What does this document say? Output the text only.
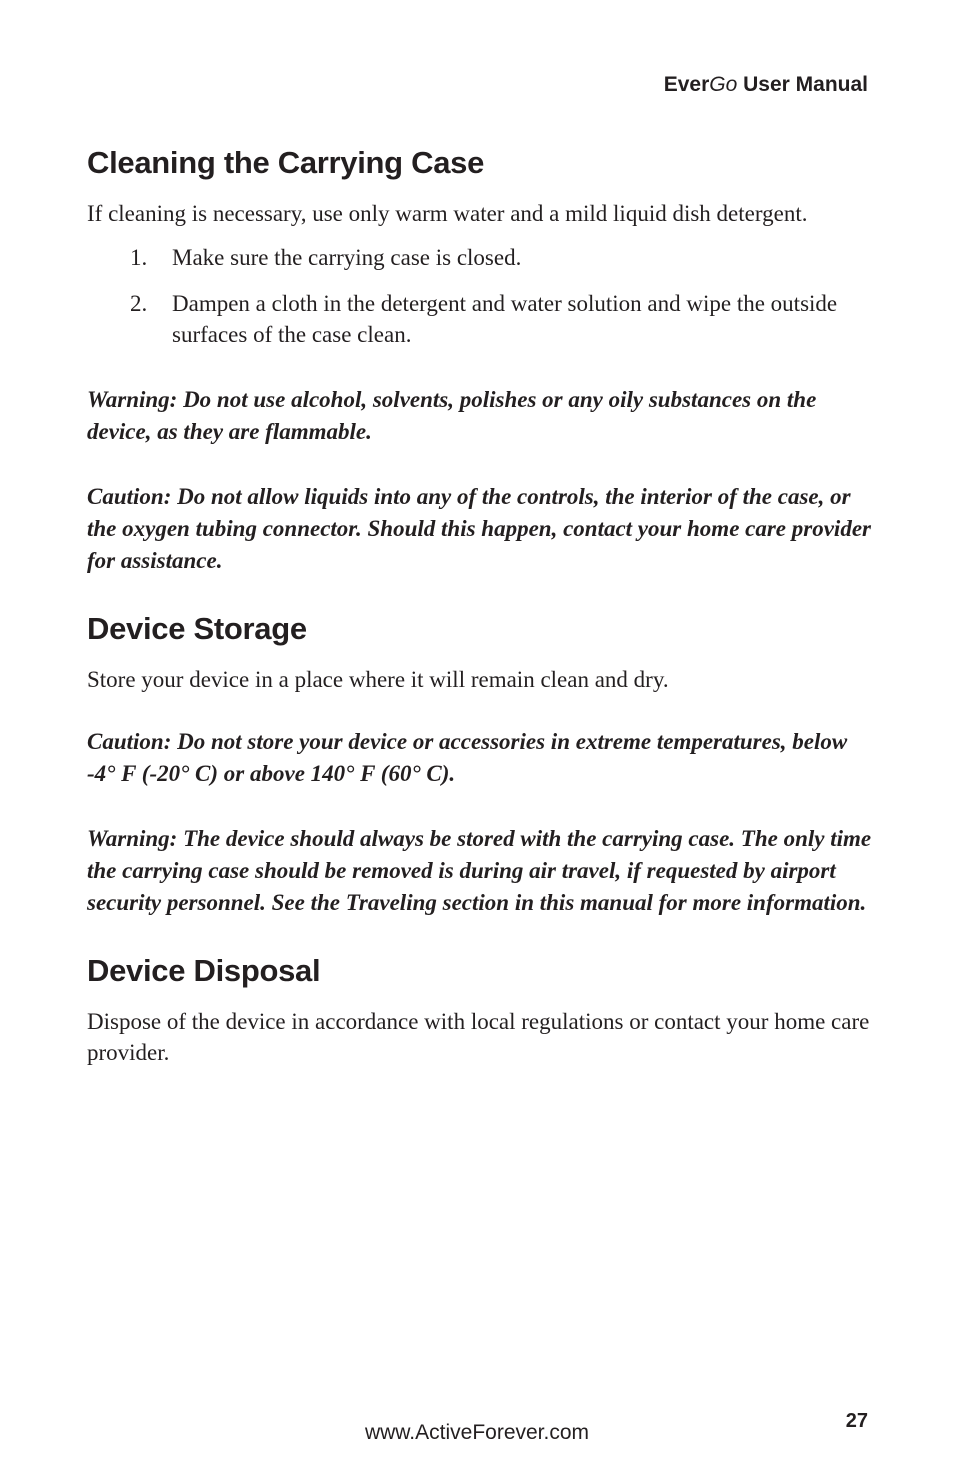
EverGo User Manual
Cleaning the Carrying Case

If cleaning is necessary, use only warm water and a mild liquid dish detergent.

1.	Make sure the carrying case is closed.
2.	Dampen a cloth in the detergent and water solution and wipe the outside surfaces of the case clean.

Warning: Do not use alcohol, solvents, polishes or any oily substances on the device, as they are flammable.

Caution: Do not allow liquids into any of the controls, the interior of the case, or the oxygen tubing connector. Should this happen, contact your home care provider for assistance.

Device Storage

Store your device in a place where it will remain clean and dry.

Caution: Do not store your device or accessories in extreme temperatures, below -4° F (-20° C) or above 140° F (60° C).

Warning: The device should always be stored with the carrying case. The only time the carrying case should be removed is during air travel, if requested by airport security personnel. See the Traveling section in this manual for more information.

Device Disposal

Dispose of the device in accordance with local regulations or contact your home care provider.

27
www.ActiveForever.com
